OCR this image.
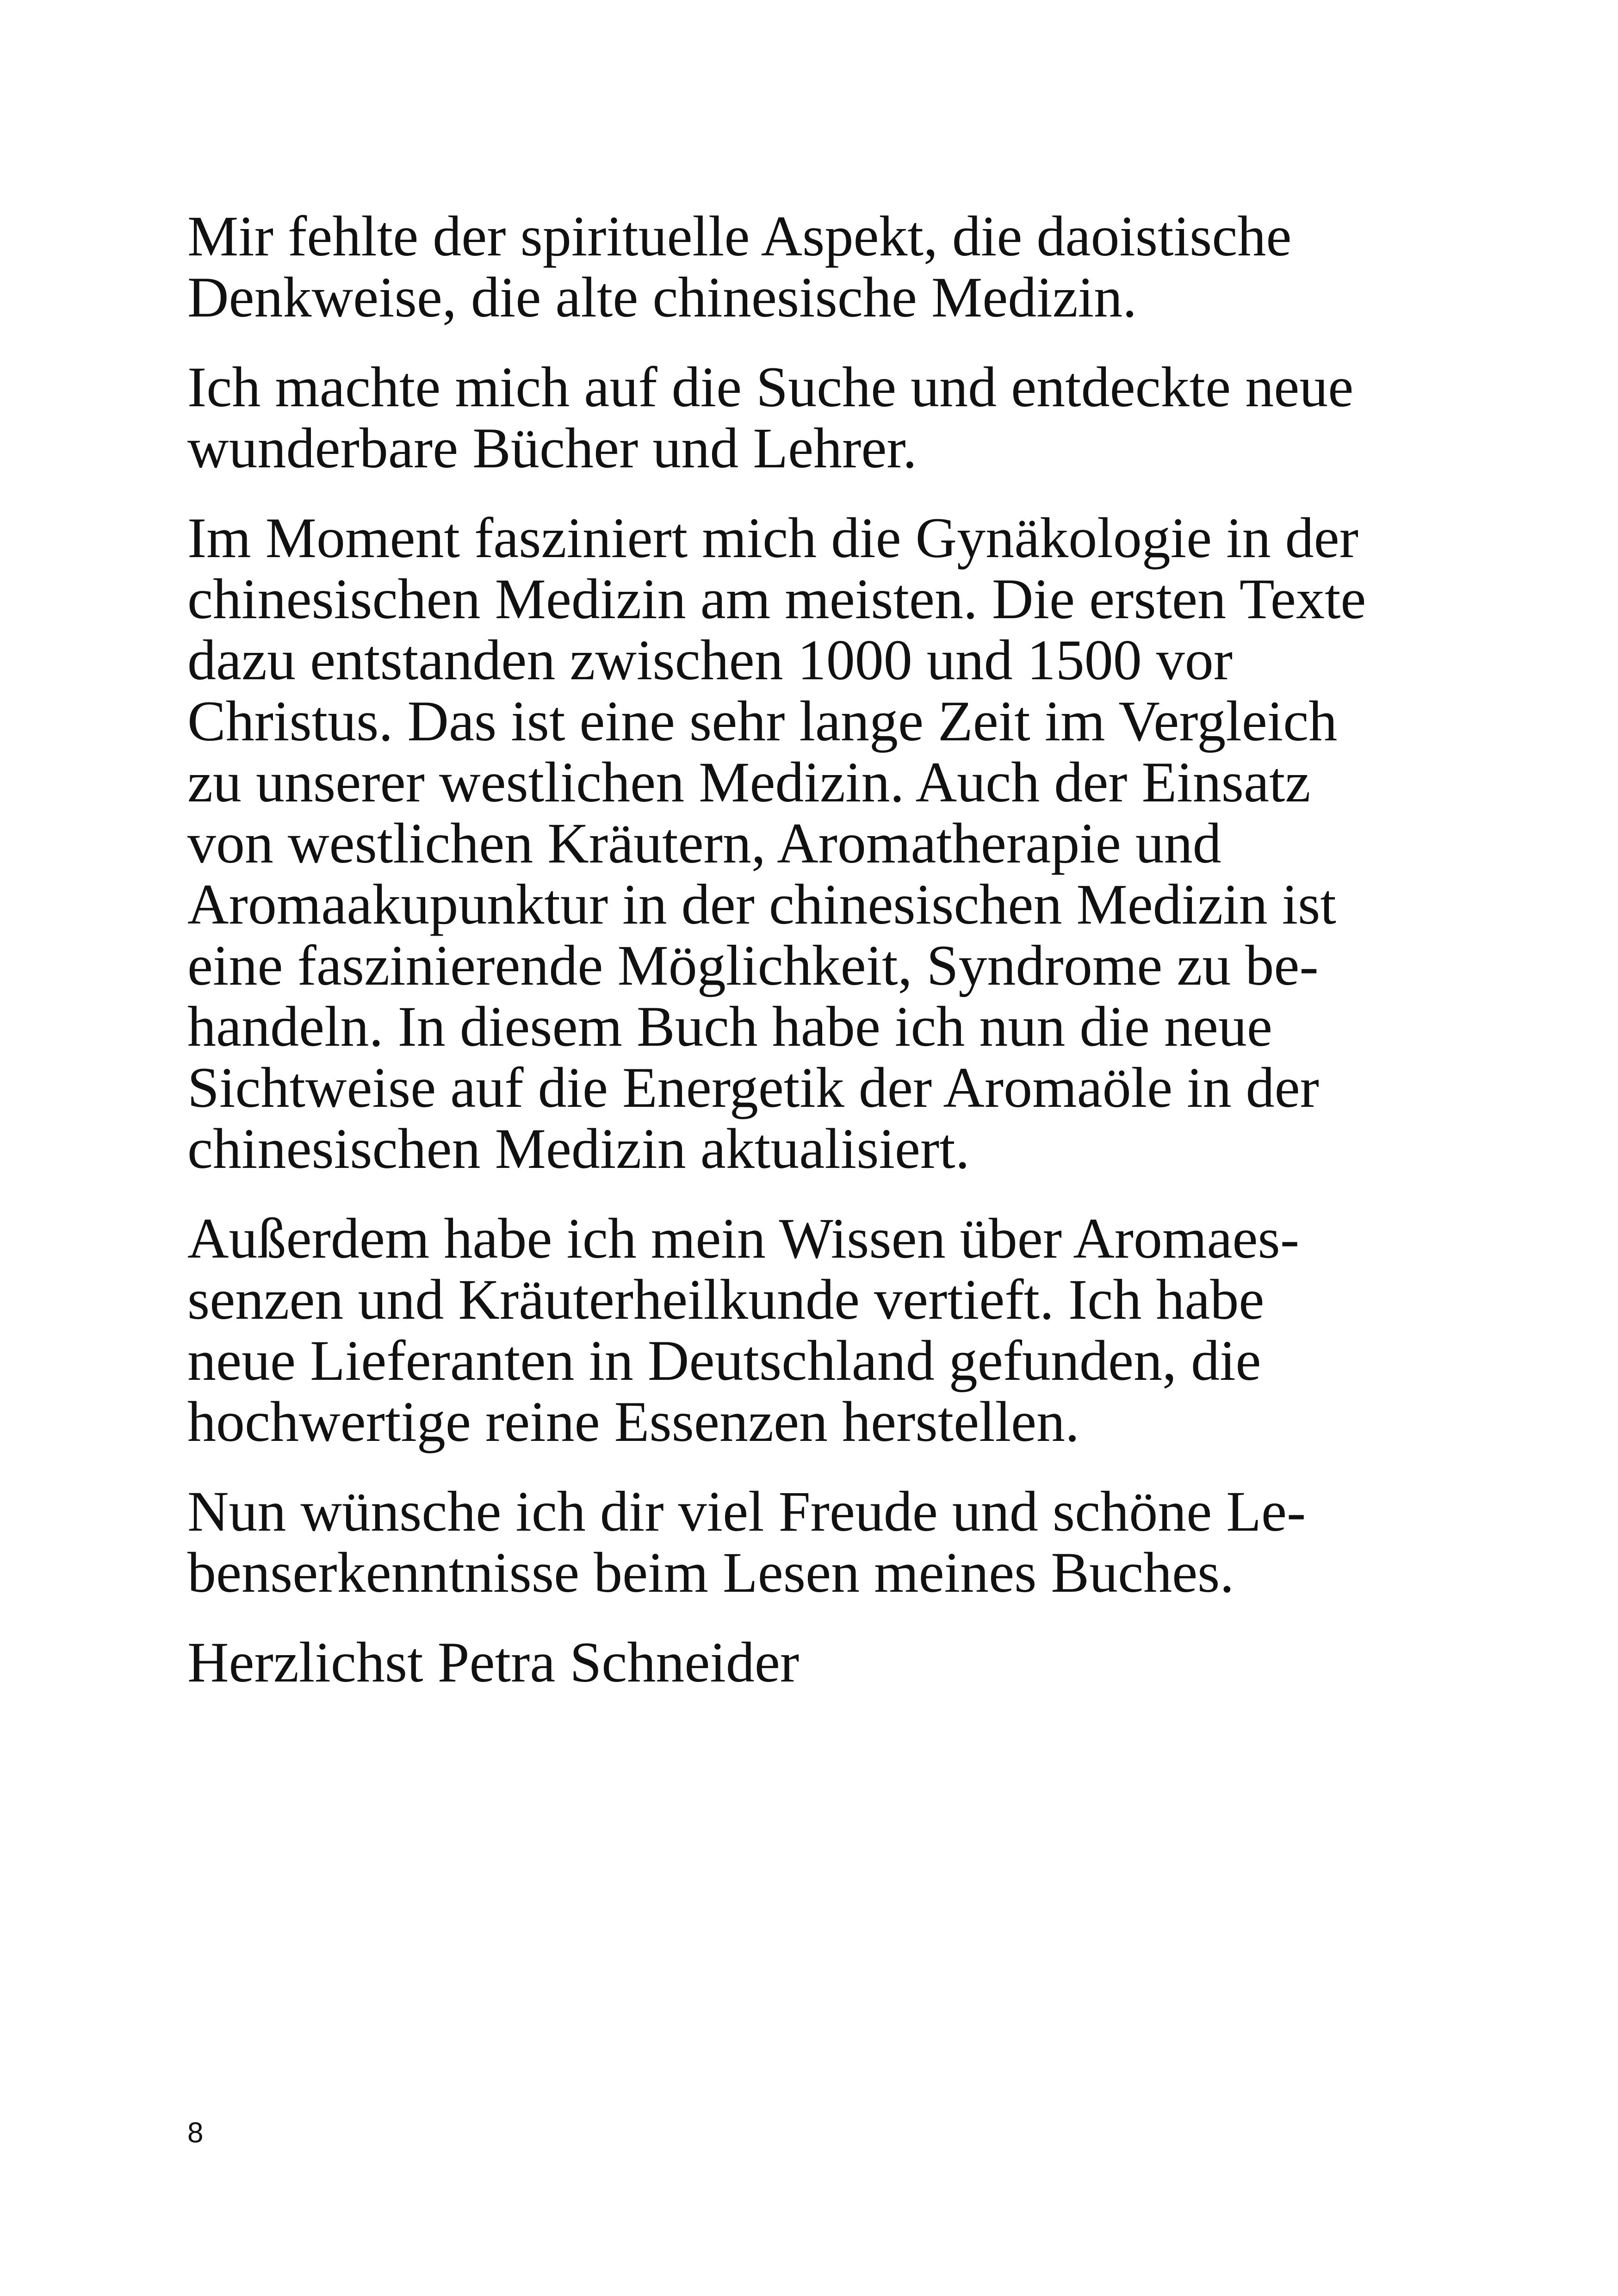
Mir fehlte der spirituelle Aspekt, die daoistische
Denkweise, die alte chinesische Medizin.
Ich machte mich auf die Suche und entdeckte neue
wunderbare Bücher und Lehrer.
Im Moment fasziniert mich die Gynäkologie in der
chinesischen Medizin am meisten. Die ersten Texte
dazu entstanden zwischen 1000 und 1500 vor
Christus. Das ist eine sehr lange Zeit im Vergleich
zu unserer westlichen Medizin. Auch der Einsatz
von westlichen Kräutern, Aromatherapie und
Aromaakupunktur in der chinesischen Medizin ist
eine faszinierende Möglichkeit, Syndrome zu be-
handeln. In diesem Buch habe ich nun die neue
Sichtweise auf die Energetik der Aromaöle in der
chinesischen Medizin aktualisiert.
Außerdem habe ich mein Wissen über Aromaes-
senzen und Kräuterheilkunde vertieft. Ich habe
neue Lieferanten in Deutschland gefunden, die
hochwertige reine Essenzen herstellen.
Nun wünsche ich dir viel Freude und schöne Le-
benserkenntnisse beim Lesen meines Buches.
Herzlichst Petra Schneider
8
